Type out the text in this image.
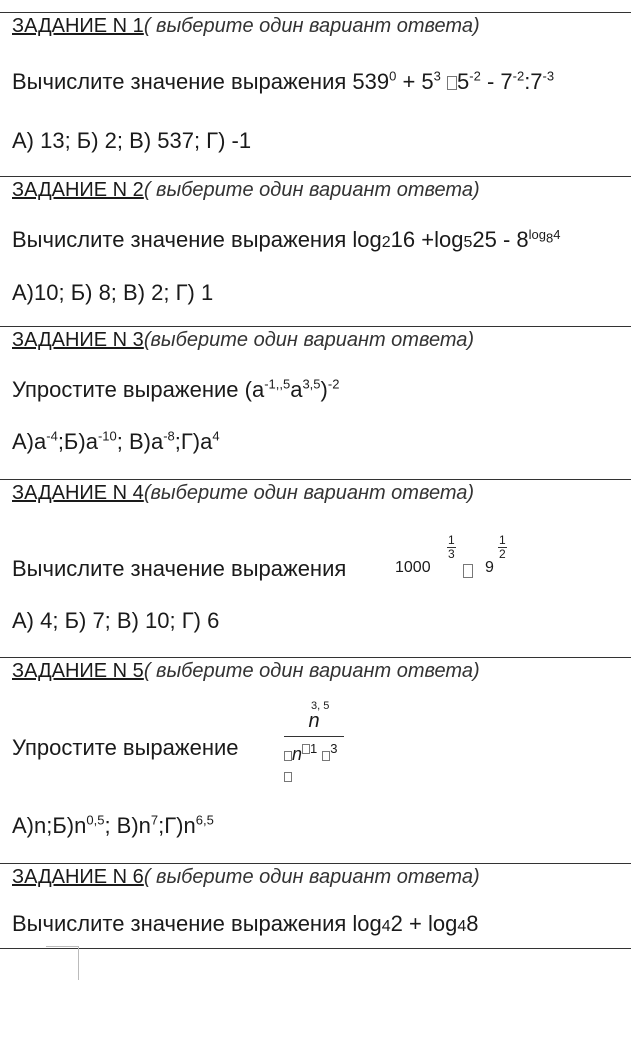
ЗАДАНИЕ N 1( выберите один вариант ответа)
Вычислите значение выражения $539^0 + 5^3$ $5^{-2}$ - $7^{-2}:7^{-3}$
А) 13; Б) 2; В) 537; Г) -1
ЗАДАНИЕ N 2( выберите один вариант ответа)
Вычислите значение выражения $\log 216 +\log 525 - 8^{log_84}$
А)10; Б) 8; В) 2; Г) 1
ЗАДАНИЕ N 3(выберите один вариант ответа)
Упростите выражение $(a^{-1,,5}a^{3,5})^{-2}$
$А)a^{-4};Б)a^{-10}$; $В)a^{-8};Г)a^4$
ЗАДАНИЕ N 4(выберите один вариант ответа)
Вычислите значение выражения	1000
$\frac{1}{3}$
9
$\frac{1}{2}$
А) 4; Б) 7; В) 10; Г) 6
ЗАДАНИЕ N 5( выберите один вариант ответа)
Упростите выражение
n
3, 5
n $^1$ $^3$
$А)n;Б)n^{0,5}$; $В)n^7;Г)n^{6,5}$
ЗАДАНИЕ N 6( выберите один вариант ответа)
Вычислите значение выражения log42 + log48
